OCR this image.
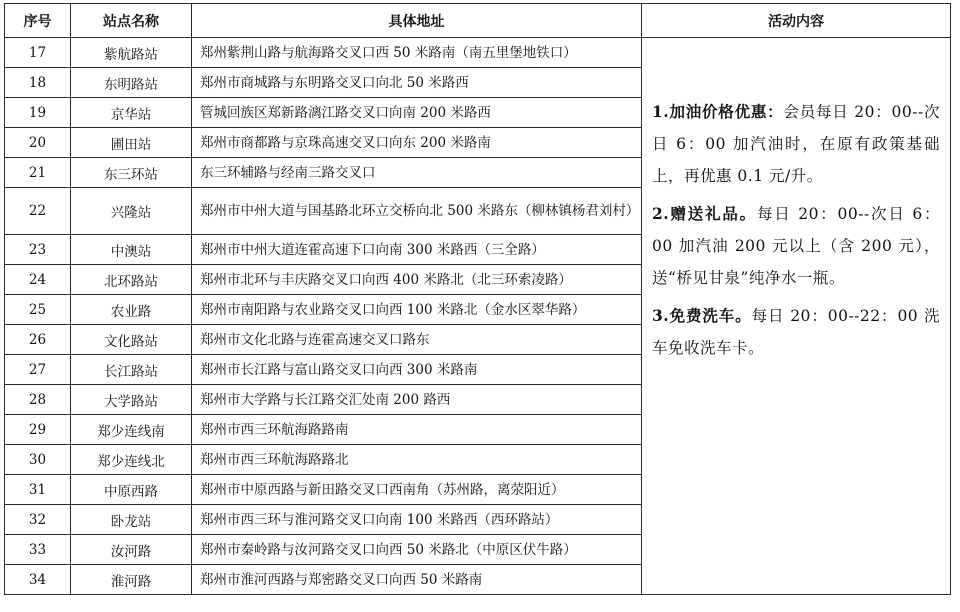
序号	站点名称	具体地址	活动内容
17	紫航路站	郑州紫荆山路与航海路交叉口西 50 米路南（南五里堡地铁口）	1.加油价格优惠：会员每日 20：00--次日 6：00 加汽油时，在原有政策基础上，再优惠 0.1 元/升。

2.赠送礼品。每日 20：00--次日 6：00 加汽油 200 元以上（含 200 元），送“桥见甘泉”纯净水一瓶。

3.免费洗车。每日 20：00--22：00 洗车免收洗车卡。

18	东明路站	郑州市商城路与东明路交叉口向北 50 米路西	
19	京华站	管城回族区郑新路漓江路交叉口向南 200 米路西	
20	圃田站	郑州市商都路与京珠高速交叉口向东 200 米路南	
21	东三环站	东三环辅路与经南三路交叉口	
22	兴隆站	郑州市中州大道与国基路北环立交桥向北 500 米路东（柳林镇杨君刘村）	
23	中澳站	郑州市中州大道连霍高速下口向南 300 米路西（三全路）	
24	北环路站	郑州市北环与丰庆路交叉口向西 400 米路北（北三环索凌路）	
25	农业路	郑州市南阳路与农业路交叉口向西 100 米路北（金水区翠华路）	
26	文化路站	郑州市文化北路与连霍高速交叉口路东	
27	长江路站	郑州市长江路与富山路交叉口向西 300 米路南	
28	大学路站	郑州市大学路与长江路交汇处南 200 路西	
29	郑少连线南	郑州市西三环航海路路南	
30	郑少连线北	郑州市西三环航海路路北	
31	中原西路	郑州市中原西路与新田路交叉口西南角（苏州路，离荥阳近）	
32	卧龙站	郑州市西三环与淮河路交叉口向南 100 米路西（西环路站）	
33	汝河路	郑州市秦岭路与汝河路交叉口向西 50 米路北（中原区伏牛路）	
34	淮河路	郑州市淮河西路与郑密路交叉口向西 50 米路南	
